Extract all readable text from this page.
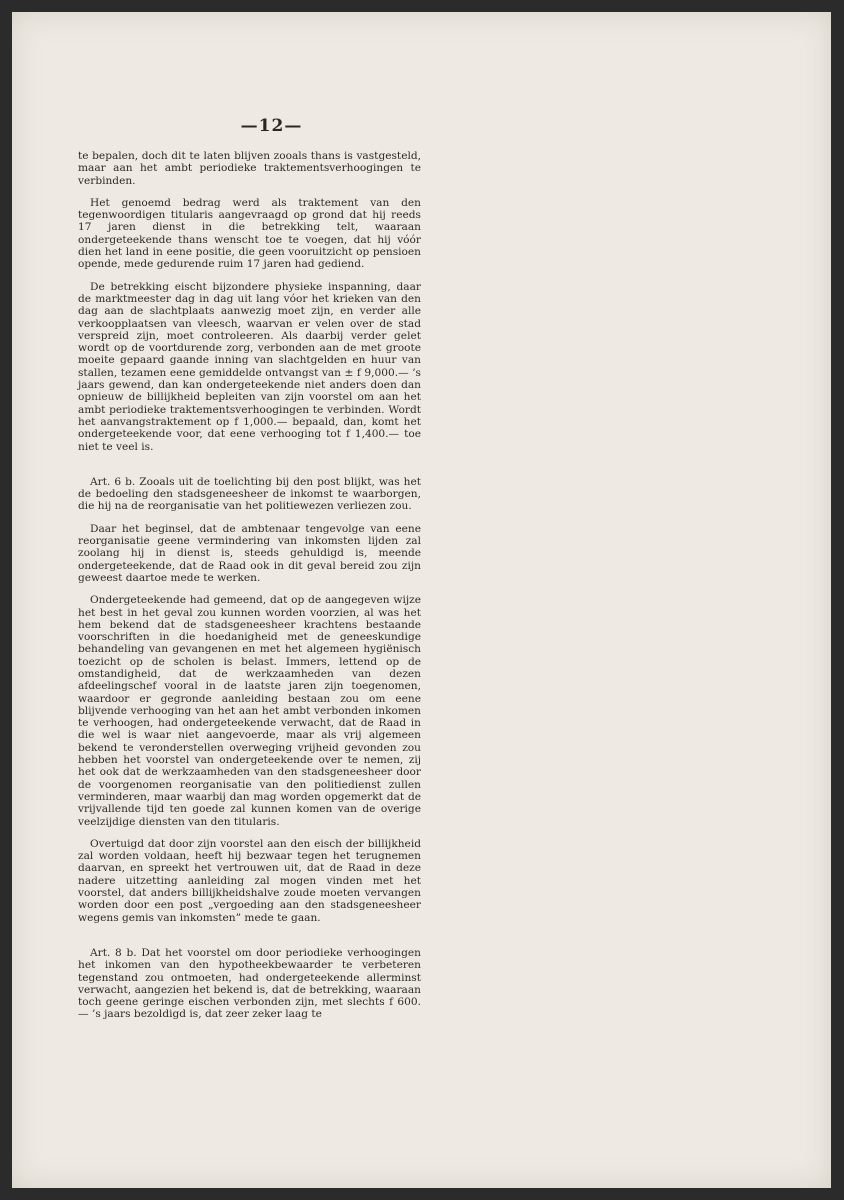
—12—

te bepalen, doch dit te laten blijven zooals thans is vastgesteld, maar aan het ambt periodieke traktementsverhoogingen te verbinden.

Het genoemd bedrag werd als traktement van den tegenwoordigen titularis aangevraagd op grond dat hij reeds 17 jaren dienst in die betrekking telt, waaraan ondergeteekende thans wenscht toe te voegen, dat hij vóór dien het land in eene positie, die geen vooruitzicht op pensioen opende, mede gedurende ruim 17 jaren had gediend.

De betrekking eischt bijzondere physieke inspanning, daar de marktmeester dag in dag uit lang vóor het krieken van den dag aan de slachtplaats aanwezig moet zijn, en verder alle verkoopplaatsen van vleesch, waarvan er velen over de stad verspreid zijn, moet controleeren. Als daarbij verder gelet wordt op de voortdurende zorg, verbonden aan de met groote moeite gepaard gaande inning van slachtgelden en huur van stallen, tezamen eene gemiddelde ontvangst van ± f 9,000.— ’s jaars gewend, dan kan ondergeteekende niet anders doen dan opnieuw de billijkheid bepleiten van zijn voorstel om aan het ambt periodieke traktementsverhoogingen te verbinden. Wordt het aanvangstraktement op f 1,000.— bepaald, dan, komt het ondergeteekende voor, dat eene verhooging tot f 1,400.— toe niet te veel is.

Art. 6 b. Zooals uit de toelichting bij den post blijkt, was het de bedoeling den stadsgeneesheer de inkomst te waarborgen, die hij na de reorganisatie van het politiewezen verliezen zou.

Daar het beginsel, dat de ambtenaar tengevolge van eene reorganisatie geene vermindering van inkomsten lijden zal zoolang hij in dienst is, steeds gehuldigd is, meende ondergeteekende, dat de Raad ook in dit geval bereid zou zijn geweest daartoe mede te werken.

Ondergeteekende had gemeend, dat op de aangegeven wijze het best in het geval zou kunnen worden voorzien, al was het hem bekend dat de stadsgeneesheer krachtens bestaande voorschriften in die hoedanigheid met de geneeskundige behandeling van gevangenen en met het algemeen hygiënisch toezicht op de scholen is belast. Immers, lettend op de omstandigheid, dat de werkzaamheden van dezen afdeelingschef vooral in de laatste jaren zijn toegenomen, waardoor er gegronde aanleiding bestaan zou om eene blijvende verhooging van het aan het ambt verbonden inkomen te verhoogen, had ondergeteekende verwacht, dat de Raad in die wel is waar niet aangevoerde, maar als vrij algemeen bekend te veronderstellen overweging vrijheid gevonden zou hebben het voorstel van ondergeteekende over te nemen, zij het ook dat de werkzaamheden van den stadsgeneesheer door de voorgenomen reorganisatie van den politiedienst zullen verminderen, maar waarbij dan mag worden opgemerkt dat de vrijvallende tijd ten goede zal kunnen komen van de overige veelzijdige diensten van den titularis.

Overtuigd dat door zijn voorstel aan den eisch der billijkheid zal worden voldaan, heeft hij bezwaar tegen het terugnemen daarvan, en spreekt het vertrouwen uit, dat de Raad in deze nadere uitzetting aanleiding zal mogen vinden met het voorstel, dat anders billijkheidshalve zoude moeten vervangen worden door een post „vergoeding aan den stadsgeneesheer wegens gemis van inkomsten” mede te gaan.

Art. 8 b. Dat het voorstel om door periodieke verhoogingen het inkomen van den hypotheekbewaarder te verbeteren tegenstand zou ontmoeten, had ondergeteekende allerminst verwacht, aangezien het bekend is, dat de betrekking, waaraan toch geene geringe eischen verbonden zijn, met slechts f 600.— ’s jaars bezoldigd is, dat zeer zeker laag te
